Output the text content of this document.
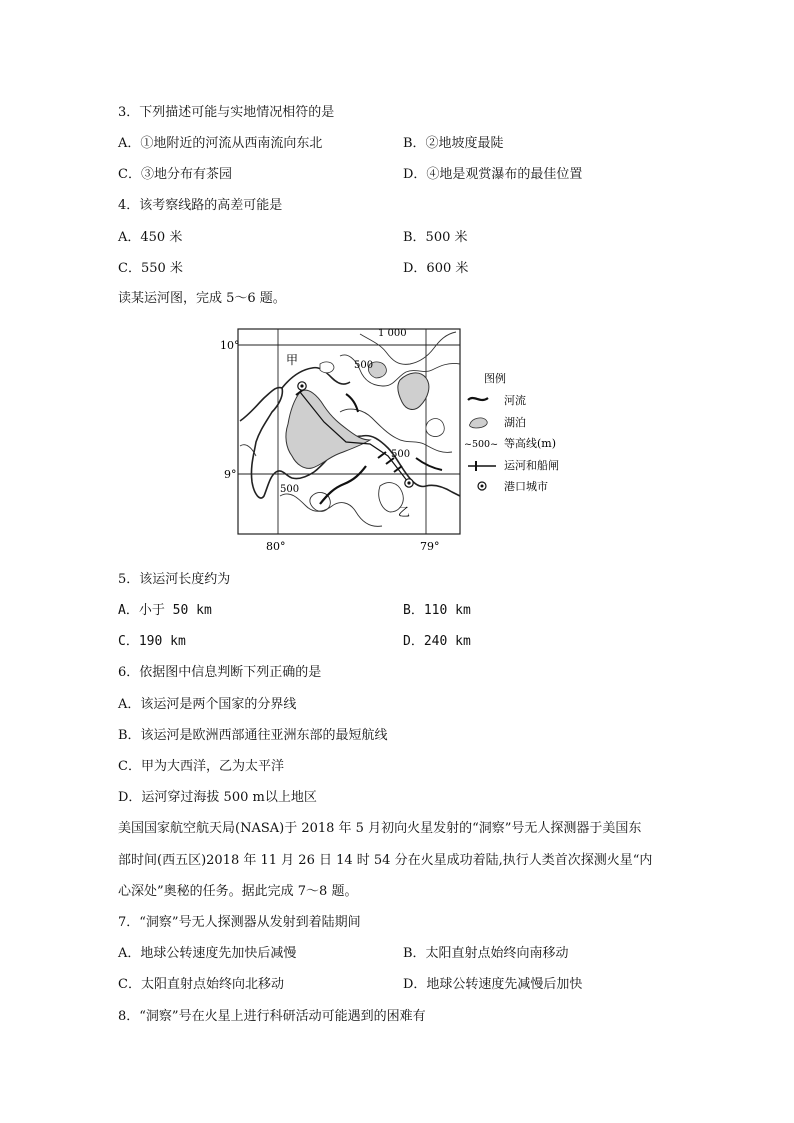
3．下列描述可能与实地情况相符的是
A．①地附近的河流从西南流向东北	B．②地坡度最陡
C．③地分布有茶园	D．④地是观赏瀑布的最佳位置
4．该考察线路的高差可能是
A．450 米	B．500 米
C．550 米	D．600 米
读某运河图，完成 5～6 题。
10°
9°
80°	79°
1 000
500
500
500
甲
乙
图例
河流
湖泊
~500~ 等高线(m)
运河和船闸
港口城市
5．该运河长度约为
A．小于 50 km	B．110 km
C．190 km	D．240 km
6．依据图中信息判断下列正确的是
A．该运河是两个国家的分界线
B．该运河是欧洲西部通往亚洲东部的最短航线
C．甲为大西洋，乙为太平洋
D．运河穿过海拔 500 m以上地区
美国国家航空航天局(NASA)于 2018 年 5 月初向火星发射的“洞察”号无人探测器于美国东
部时间(西五区)2018 年 11 月 26 日 14 时 54 分在火星成功着陆,执行人类首次探测火星“内
心深处”奥秘的任务。据此完成 7～8 题。
7．“洞察”号无人探测器从发射到着陆期间
A．地球公转速度先加快后减慢	B．太阳直射点始终向南移动
C．太阳直射点始终向北移动	D．地球公转速度先减慢后加快
8．“洞察”号在火星上进行科研活动可能遇到的困难有
